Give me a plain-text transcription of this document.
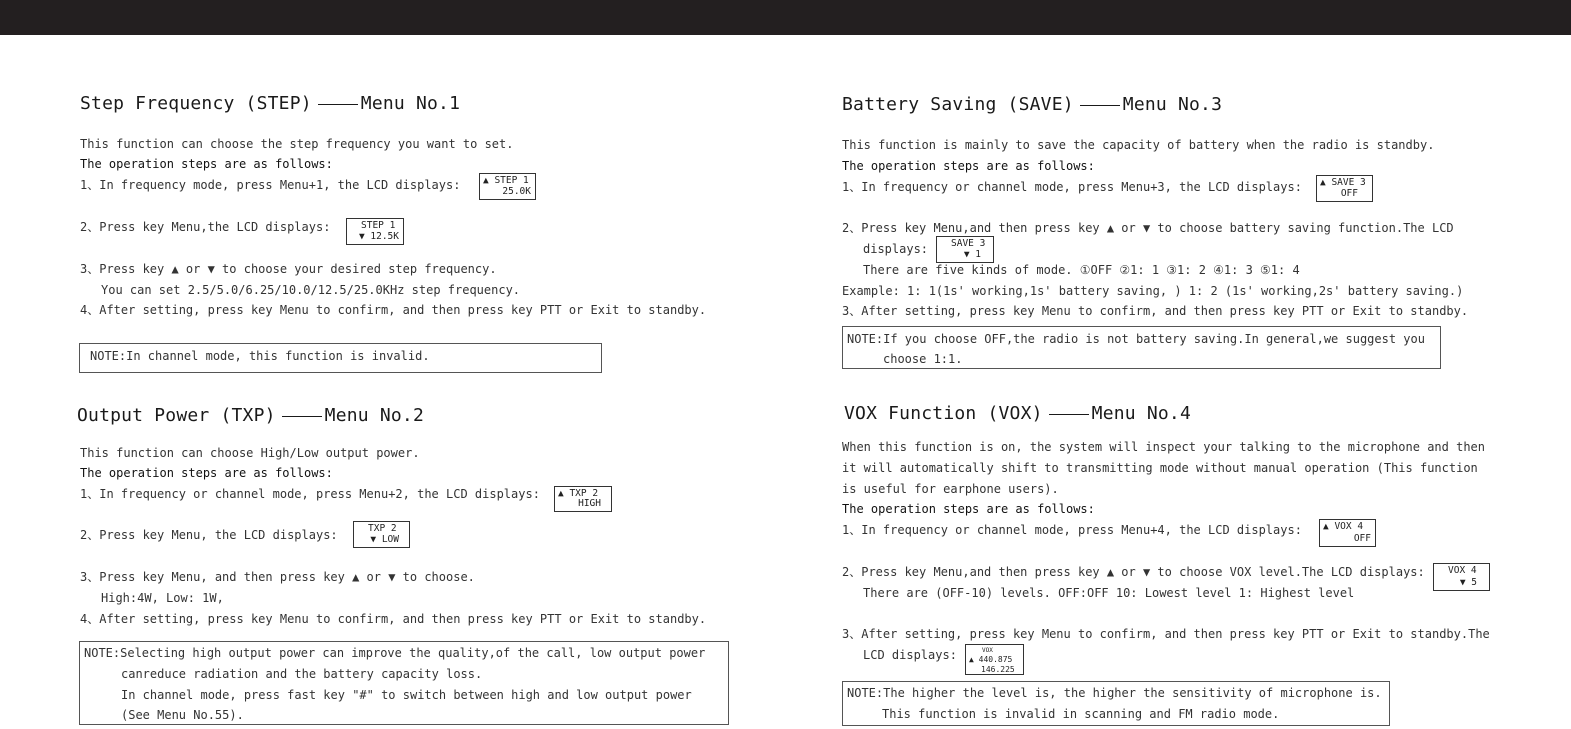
Step Frequency (STEP)	Menu No.1
This function can choose the step frequency you want to set.
The operation steps are as follows:
1、In frequency mode, press Menu+1, the LCD displays: ▲ STEP 1
25.0K
2、Press key Menu,the LCD displays:	STEP 1
▼ 12.5K
3、Press key ▲ or ▼ to choose your desired step frequency.
You can set 2.5/5.0/6.25/10.0/12.5/25.0KHz step frequency.
4、After setting, press key Menu to confirm, and then press key PTT or Exit to standby.
NOTE:In channel mode, this function is invalid.
Output Power (TXP)	Menu No.2
This function can choose High/Low output power.
The operation steps are as follows:
1、In frequency or channel mode, press Menu+2, the LCD displays: ▲ TXP 2
HIGH
2、Press key Menu, the LCD displays:	TXP 2
▼ LOW
3、Press key Menu, and then press key ▲ or ▼ to choose.
High:4W, Low: 1W,
4、After setting, press key Menu to confirm, and then press key PTT or Exit to standby.
NOTE:Selecting high output power can improve the quality,of the call, low output power
canreduce radiation and the battery capacity loss.
In channel mode, press fast key "#" to switch between high and low output power
(See Menu No.55).
Battery Saving (SAVE)	Menu No.3
This function is mainly to save the capacity of battery when the radio is standby.
The operation steps are as follows:
1、In frequency or channel mode, press Menu+3, the LCD displays: ▲ SAVE 3
OFF
2、Press key Menu,and then press key ▲ or ▼ to choose battery saving function.The LCD
displays: SAVE 3
▼ 1
There are five kinds of mode. ①OFF ②1: 1 ③1: 2 ④1: 3 ⑤1: 4
Example: 1: 1(1s' working,1s' battery saving, ) 1: 2 (1s' working,2s' battery saving.)
3、After setting, press key Menu to confirm, and then press key PTT or Exit to standby.
NOTE:If you choose OFF,the radio is not battery saving.In general,we suggest you
choose 1:1.
VOX Function (VOX)	Menu No.4
When this function is on, the system will inspect your talking to the microphone and then
it will automatically shift to transmitting mode without manual operation (This function
is useful for earphone users).
The operation steps are as follows:
1、In frequency or channel mode, press Menu+4, the LCD displays: ▲ VOX 4
OFF
2、Press key Menu,and then press key ▲ or ▼ to choose VOX level.The LCD displays: VOX 4
▼ 5
There are (OFF-10) levels. OFF:OFF 10: Lowest level 1: Highest level
3、After setting, press key Menu to confirm, and then press key PTT or Exit to standby.The
LCD displays:	VOX
▲ 440.875
146.225
NOTE:The higher the level is, the higher the sensitivity of microphone is.
This function is invalid in scanning and FM radio mode.
